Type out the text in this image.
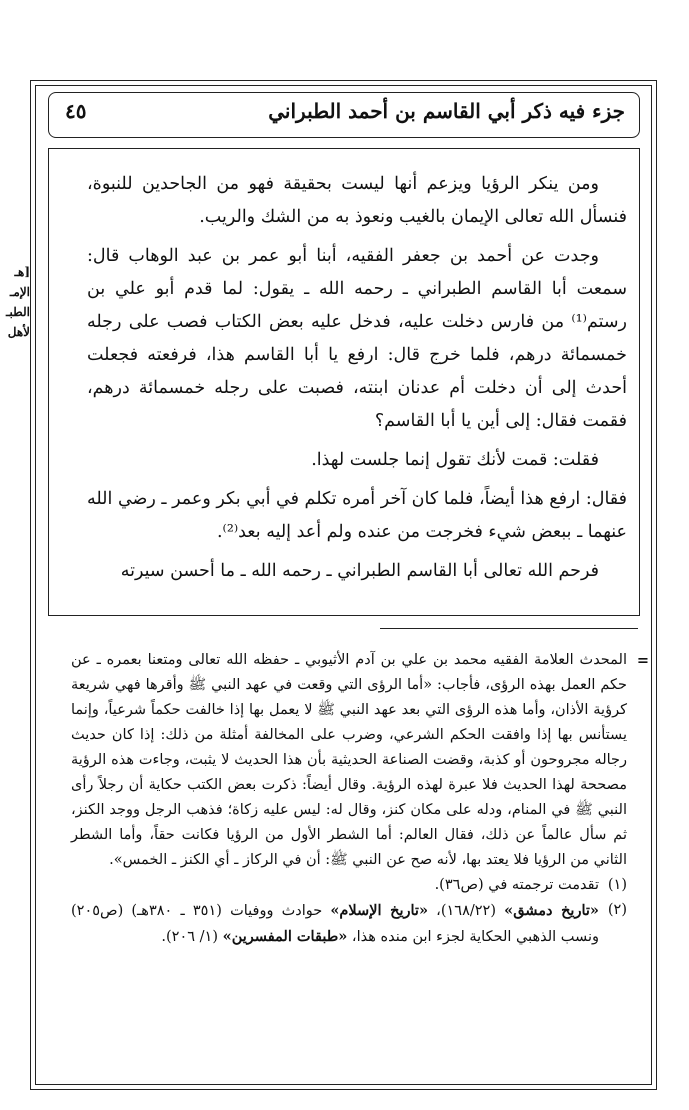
جزء فيه ذكر أبي القاسم بن أحمد الطبراني
٤٥

ومن ينكر الرؤيا ويزعم أنها ليست بحقيقة فهو من الجاحدين للنبوة، فنسأل الله تعالى الإيمان بالغيب ونعوذ به من الشك والريب.

وجدت عن أحمد بن جعفر الفقيه، أبنا أبو عمر بن عبد الوهاب قال: سمعت أبا القاسم الطبراني ـ رحمه الله ـ يقول: لما قدم أبو علي بن رستم⁽¹⁾ من فارس دخلت عليه، فدخل عليه بعض الكتاب فصب على رجله خمسمائة درهم، فلما خرج قال: ارفع يا أبا القاسم هذا، فرفعته فجعلت أحدث إلى أن دخلت أم عدنان ابنته، فصبت على رجله خمسمائة درهم، فقمت فقال: إلى أين يا أبا القاسم؟

فقلت: قمت لأنك تقول إنما جلست لهذا.

فقال: ارفع هذا أيضاً، فلما كان آخر أمره تكلم في أبي بكر وعمر ـ رضي الله عنهما ـ ببعض شيء فخرجت من عنده ولم أعد إليه بعد⁽²⁾.

فرحم الله تعالى أبا القاسم الطبراني ـ رحمه الله ـ ما أحسن سيرته

[هـ
الإمـ
الطبـ
لأهل
=
المحدث العلامة الفقيه محمد بن علي بن آدم الأثيوبي ـ حفظه الله تعالى ومتعنا بعمره ـ عن حكم العمل بهذه الرؤى، فأجاب: «أما الرؤى التي وقعت في عهد النبي ﷺ وأقرها فهي شريعة كرؤية الأذان، وأما هذه الرؤى التي بعد عهد النبي ﷺ لا يعمل بها إذا خالفت حكماً شرعياً، وإنما يستأنس بها إذا وافقت الحكم الشرعي، وضرب على المخالفة أمثلة من ذلك: إذا كان حديث رجاله مجروحون أو كذبة، وقضت الصناعة الحديثية بأن هذا الحديث لا يثبت، وجاءت هذه الرؤية مصححة لهذا الحديث فلا عبرة لهذه الرؤية. وقال أيضاً: ذكرت بعض الكتب حكاية أن رجلاً رأى النبي ﷺ في المنام، ودله على مكان كنز، وقال له: ليس عليه زكاة؛ فذهب الرجل ووجد الكنز، ثم سأل عالماً عن ذلك، فقال العالم: أما الشطر الأول من الرؤيا فكانت حقاً، وأما الشطر الثاني من الرؤيا فلا يعتد بها، لأنه صح عن النبي ﷺ: أن في الركاز ـ أي الكنز ـ الخمس».

(١)
تقدمت ترجمته في (ص٣٦).

(٢)
«تاريخ دمشق» (١٦٨/٢٢)، «تاريخ الإسلام» حوادث ووفيات (٣٥١ ـ ٣٨٠هـ) (ص٢٠٥) ونسب الذهبي الحكاية لجزء ابن منده هذا، «طبقات المفسرين» (١/ ٢٠٦).
